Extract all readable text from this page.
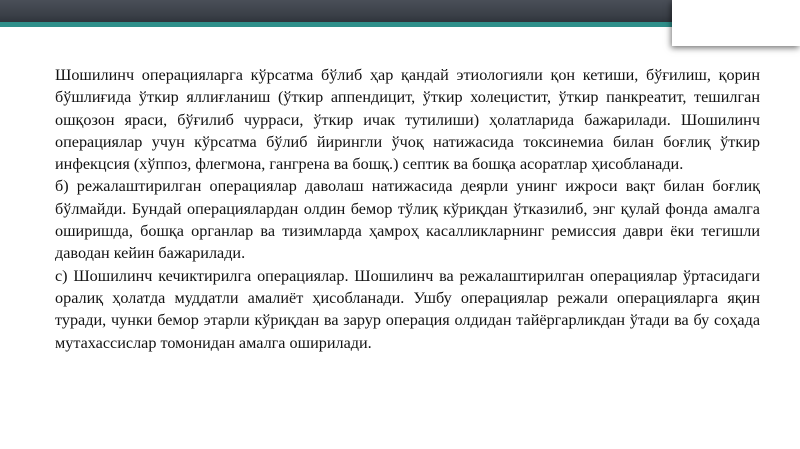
Шошилинч операцияларга кўрсатма бўлиб ҳар қандай этиологияли қон кетиши, бўғилиш, қорин бўшлиғида ўткир яллиғланиш (ўткир аппендицит, ўткир холецистит, ўткир панкреатит, тешилган ошқозон яраси, бўғилиб чурраси, ўткир ичак тутилиши) ҳолатларида бажарилади. Шошилинч операциялар учун кўрсатма бўлиб йирингли ўчоқ натижасида токсинемиа билан боғлиқ ўткир инфекцсия (хўппоз, флегмона, гангрена ва бошқ.) септик ва бошқа асоратлар ҳисобланади.

б) режалаштирилган операциялар даволаш натижасида деярли унинг ижроси вақт билан боғлиқ бўлмайди. Бундай операциялардан олдин бемор тўлиқ кўриқдан ўтказилиб, энг қулай фонда амалга оширишда, бошқа органлар ва тизимларда ҳамроҳ касалликларнинг ремиссия даври ёки тегишли даводан кейин бажарилади.

с) Шошилинч кечиктирилга операциялар. Шошилинч ва режалаштирилган операциялар ўртасидаги оралиқ ҳолатда муддатли амалиёт ҳисобланади. Ушбу операциялар режали операцияларга яқин туради, чунки бемор этарли кўриқдан ва зарур операция олдидан тайёргарликдан ўтади ва бу соҳада мутахассислар томонидан амалга оширилади.
